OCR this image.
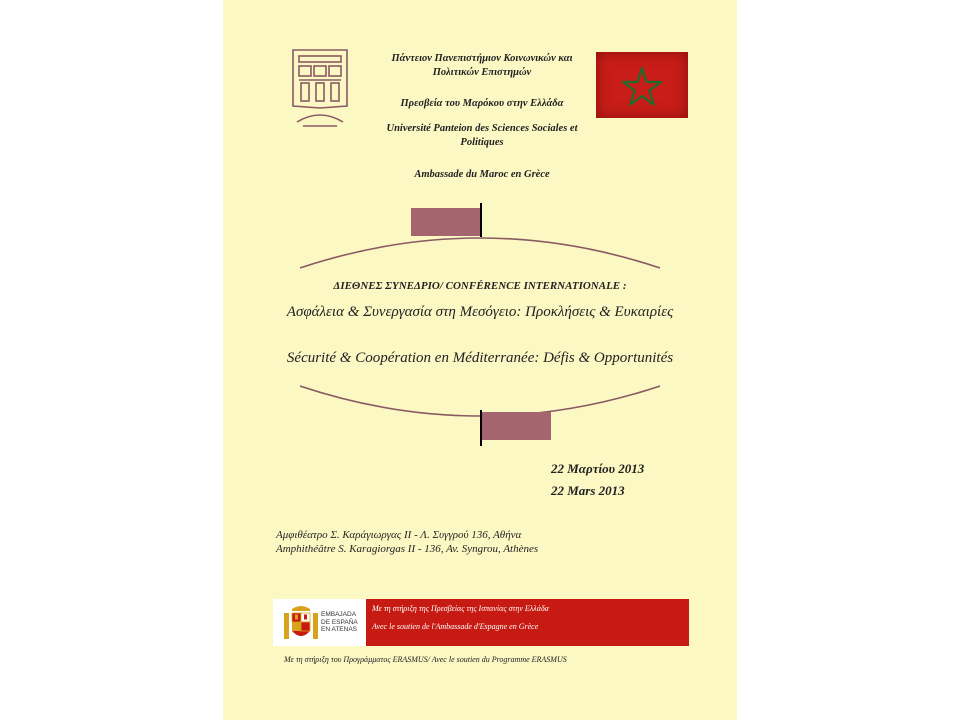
Πάντειον Πανεπιστήμιον Κοινωνικών και Πολιτικών Επιστημών
Πρεσβεία του Μαρόκου στην Ελλάδα
Université Panteion des Sciences Sociales et Politiques
Ambassade du Maroc en Grèce
ΔΙΕΘΝΕΣ ΣΥΝΕΔΡΙΟ/ CONFÉRENCE INTERNATIONALE :
Ασφάλεια & Συνεργασία στη Μεσόγειο: Προκλήσεις & Ευκαιρίες
Sécurité & Coopération en Méditerranée: Défis & Opportunités
22 Μαρτίου 2013
22 Mars 2013
Αμφιθέατρο Σ. Καράγιωργας ΙΙ - Λ. Συγγρού 136, Αθήνα
Amphithéâtre S. Karagiorgas II - 136, Av. Syngrou, Athènes
EMBAJADA
DE ESPAÑA
EN ATENAS
Με τη στήριξη της Πρεσβείας της Ισπανίας στην Ελλάδα
Avec le soutien de l'Ambassade d'Espagne en Grèce
Με τη στήριξη του Προγράμματος ERASMUS/ Avec le soutien du Programme ERASMUS
